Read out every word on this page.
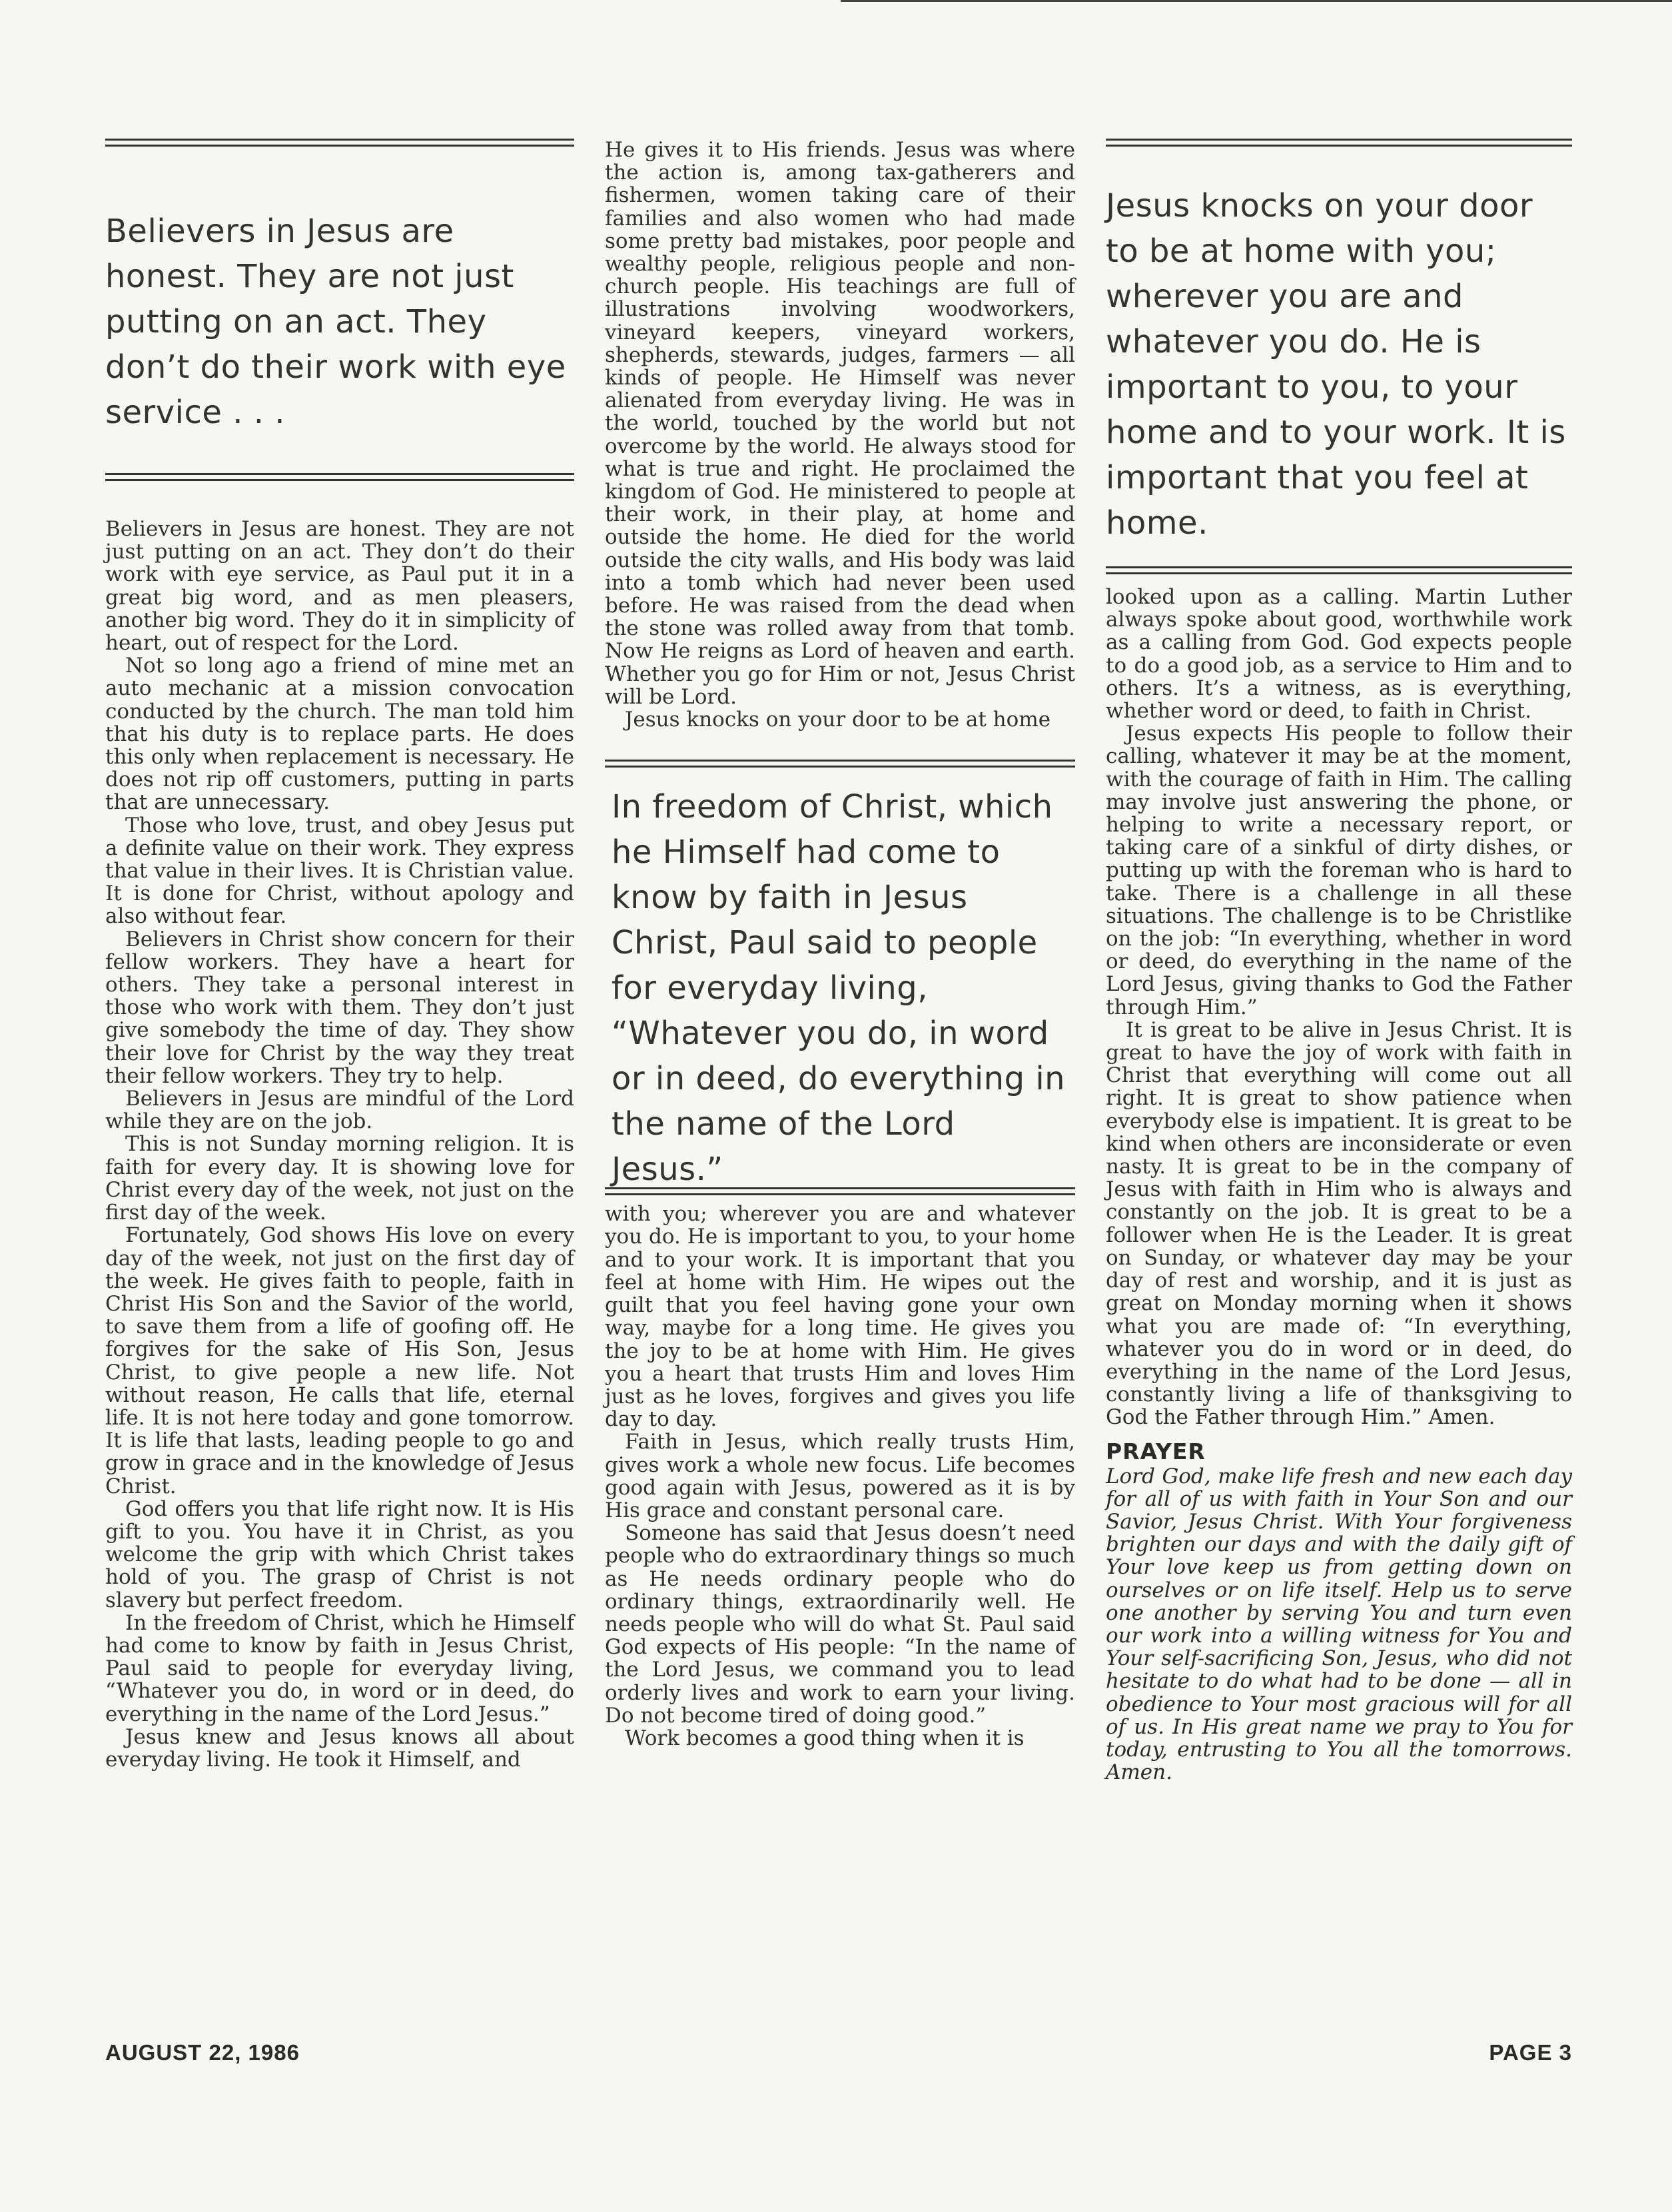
Believers in Jesus are honest. They are not just putting on an act. They don’t do their work with eye service . . .

Believers in Jesus are honest. They are not just putting on an act. They don’t do their work with eye service, as Paul put it in a great big word, and as men pleasers, another big word. They do it in simplicity of heart, out of respect for the Lord.

Not so long ago a friend of mine met an auto mechanic at a mission convocation conducted by the church. The man told him that his duty is to replace parts. He does this only when replacement is necessary. He does not rip off customers, putting in parts that are unnecessary.

Those who love, trust, and obey Jesus put a definite value on their work. They express that value in their lives. It is Christian value. It is done for Christ, without apology and also without fear.

Believers in Christ show concern for their fellow workers. They have a heart for others. They take a personal interest in those who work with them. They don’t just give somebody the time of day. They show their love for Christ by the way they treat their fellow workers. They try to help.

Believers in Jesus are mindful of the Lord while they are on the job.

This is not Sunday morning religion. It is faith for every day. It is showing love for Christ every day of the week, not just on the first day of the week.

Fortunately, God shows His love on every day of the week, not just on the first day of the week. He gives faith to people, faith in Christ His Son and the Savior of the world, to save them from a life of goofing off. He forgives for the sake of His Son, Jesus Christ, to give people a new life. Not without reason, He calls that life, eternal life. It is not here today and gone tomorrow. It is life that lasts, leading people to go and grow in grace and in the knowledge of Jesus Christ.

God offers you that life right now. It is His gift to you. You have it in Christ, as you welcome the grip with which Christ takes hold of you. The grasp of Christ is not slavery but perfect freedom.

In the freedom of Christ, which he Himself had come to know by faith in Jesus Christ, Paul said to people for everyday living, “Whatever you do, in word or in deed, do everything in the name of the Lord Jesus.”

Jesus knew and Jesus knows all about everyday living. He took it Himself, and

He gives it to His friends. Jesus was where the action is, among tax-gatherers and fishermen, women taking care of their families and also women who had made some pretty bad mistakes, poor people and wealthy people, religious people and non-church people. His teachings are full of illustrations involving woodworkers, vineyard keepers, vineyard workers, shepherds, stewards, judges, farmers — all kinds of people. He Himself was never alienated from everyday living. He was in the world, touched by the world but not overcome by the world. He always stood for what is true and right. He proclaimed the kingdom of God. He ministered to people at their work, in their play, at home and outside the home. He died for the world outside the city walls, and His body was laid into a tomb which had never been used before. He was raised from the dead when the stone was rolled away from that tomb. Now He reigns as Lord of heaven and earth. Whether you go for Him or not, Jesus Christ will be Lord.

Jesus knocks on your door to be at home

In freedom of Christ, which he Himself had come to know by faith in Jesus Christ, Paul said to people for everyday living, “Whatever you do, in word or in deed, do everything in the name of the Lord Jesus.”

with you; wherever you are and whatever you do. He is important to you, to your home and to your work. It is important that you feel at home with Him. He wipes out the guilt that you feel having gone your own way, maybe for a long time. He gives you the joy to be at home with Him. He gives you a heart that trusts Him and loves Him just as he loves, forgives and gives you life day to day.

Faith in Jesus, which really trusts Him, gives work a whole new focus. Life becomes good again with Jesus, powered as it is by His grace and constant personal care.

Someone has said that Jesus doesn’t need people who do extraordinary things so much as He needs ordinary people who do ordinary things, extraordinarily well. He needs people who will do what St. Paul said God expects of His people: “In the name of the Lord Jesus, we command you to lead orderly lives and work to earn your living. Do not become tired of doing good.”

Work becomes a good thing when it is

Jesus knocks on your door to be at home with you; wherever you are and whatever you do. He is important to you, to your home and to your work. It is important that you feel at home.

looked upon as a calling. Martin Luther always spoke about good, worthwhile work as a calling from God. God expects people to do a good job, as a service to Him and to others. It’s a witness, as is everything, whether word or deed, to faith in Christ.

Jesus expects His people to follow their calling, whatever it may be at the moment, with the courage of faith in Him. The calling may involve just answering the phone, or helping to write a necessary report, or taking care of a sinkful of dirty dishes, or putting up with the foreman who is hard to take. There is a challenge in all these situations. The challenge is to be Christlike on the job: “In everything, whether in word or deed, do everything in the name of the Lord Jesus, giving thanks to God the Father through Him.”

It is great to be alive in Jesus Christ. It is great to have the joy of work with faith in Christ that everything will come out all right. It is great to show patience when everybody else is impatient. It is great to be kind when others are inconsiderate or even nasty. It is great to be in the company of Jesus with faith in Him who is always and constantly on the job. It is great to be a follower when He is the Leader. It is great on Sunday, or whatever day may be your day of rest and worship, and it is just as great on Monday morning when it shows what you are made of: “In everything, whatever you do in word or in deed, do everything in the name of the Lord Jesus, constantly living a life of thanksgiving to God the Father through Him.” Amen.

PRAYER

Lord God, make life fresh and new each day for all of us with faith in Your Son and our Savior, Jesus Christ. With Your forgiveness brighten our days and with the daily gift of Your love keep us from getting down on ourselves or on life itself. Help us to serve one another by serving You and turn even our work into a willing witness for You and Your self-sacrificing Son, Jesus, who did not hesitate to do what had to be done — all in obedience to Your most gracious will for all of us. In His great name we pray to You for today, entrusting to You all the tomorrows. Amen.

AUGUST 22, 1986	PAGE 3
